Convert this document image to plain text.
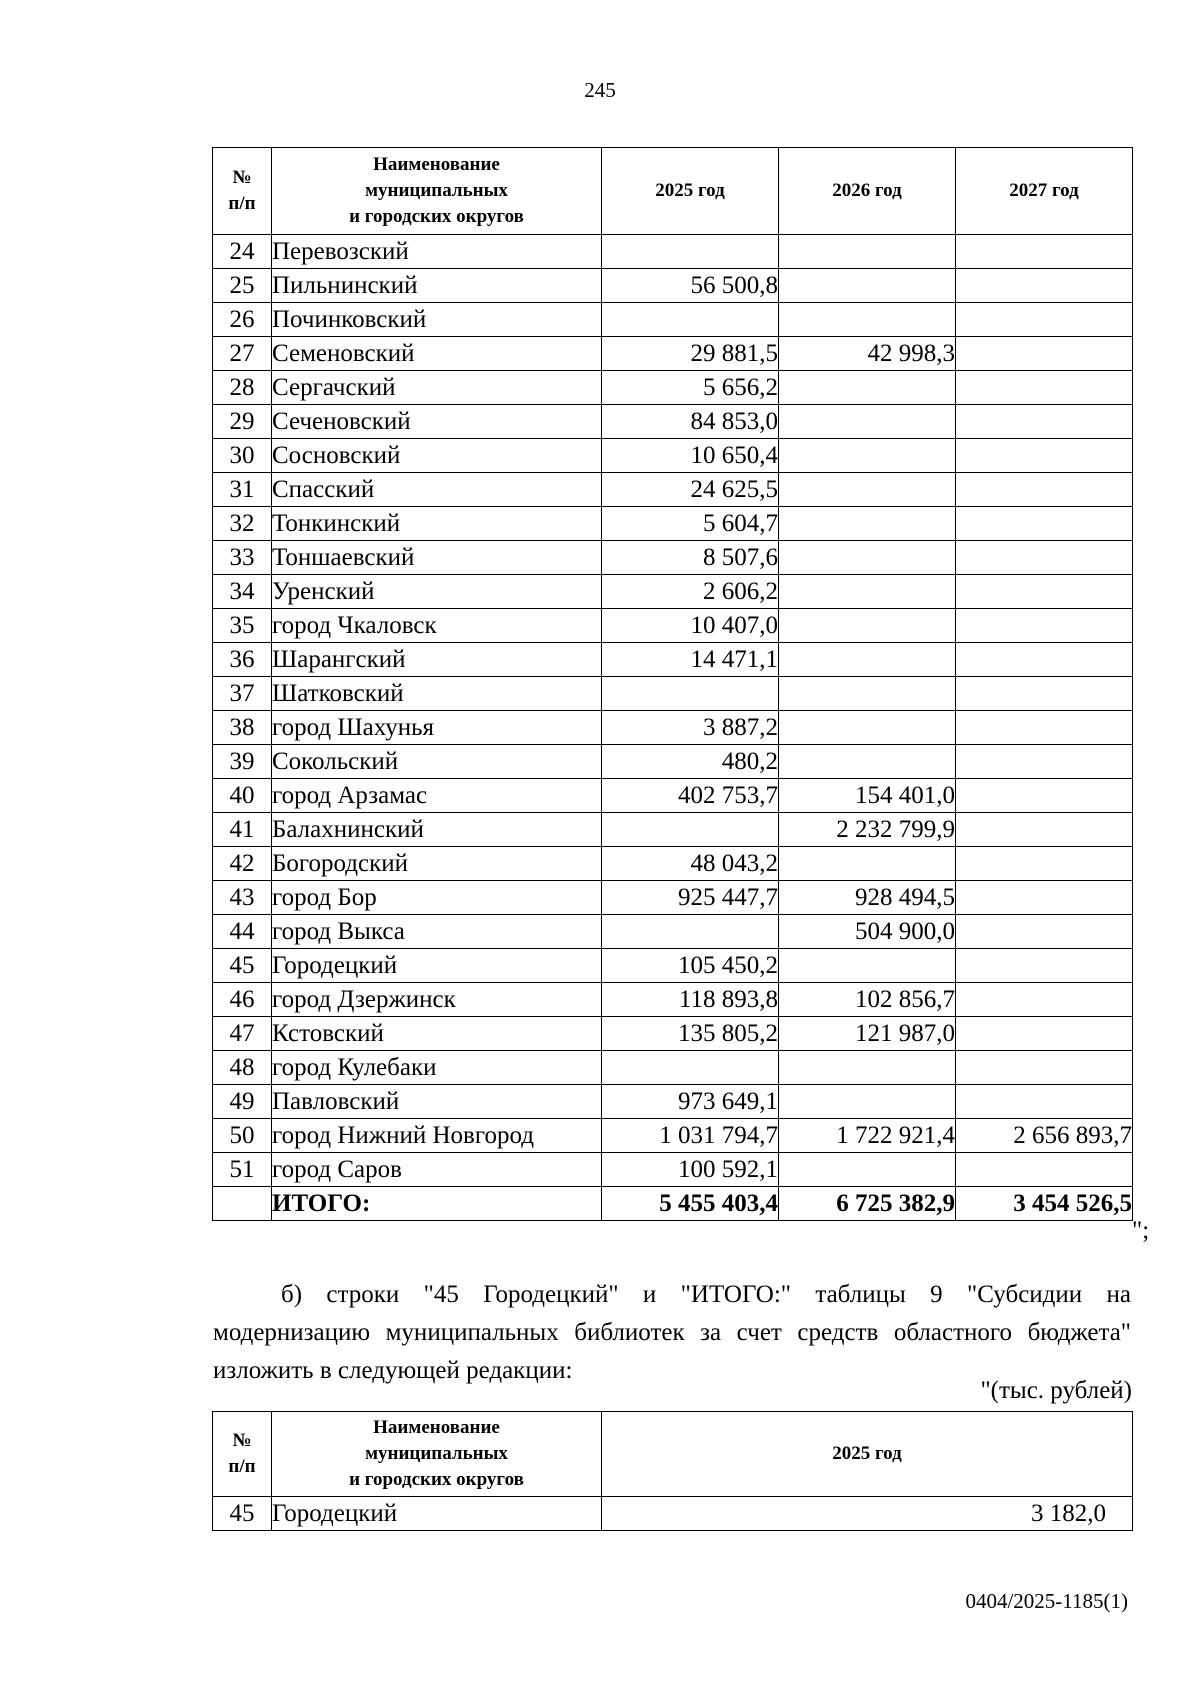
245
№
п/п	Наименование
муниципальных
и городских округов	2025 год	2026 год	2027 год
24	Перевозский			
25	Пильнинский	56 500,8		
26	Починковский			
27	Семеновский	29 881,5	42 998,3	
28	Сергачский	5 656,2		
29	Сеченовский	84 853,0		
30	Сосновский	10 650,4		
31	Спасский	24 625,5		
32	Тонкинский	5 604,7		
33	Тоншаевский	8 507,6		
34	Уренский	2 606,2		
35	город Чкаловск	10 407,0		
36	Шарангский	14 471,1		
37	Шатковский			
38	город Шахунья	3 887,2		
39	Сокольский	480,2		
40	город Арзамас	402 753,7	154 401,0	
41	Балахнинский		2 232 799,9	
42	Богородский	48 043,2		
43	город Бор	925 447,7	928 494,5	
44	город Выкса		504 900,0	
45	Городецкий	105 450,2		
46	город Дзержинск	118 893,8	102 856,7	
47	Кстовский	135 805,2	121 987,0	
48	город Кулебаки			
49	Павловский	973 649,1		
50	город Нижний Новгород	1 031 794,7	1 722 921,4	2 656 893,7
51	город Саров	100 592,1		
	ИТОГО:	5 455 403,4	6 725 382,9	3 454 526,5
";
б) строки "45 Городецкий" и "ИТОГО:" таблицы 9 "Субсидии на
модернизацию муниципальных библиотек за счет средств областного бюджета" изложить в следующей редакции:
"(тыс. рублей)
№
п/п	Наименование
муниципальных
и городских округов	2025 год
45	Городецкий	3 182,0
0404/2025-1185(1)
